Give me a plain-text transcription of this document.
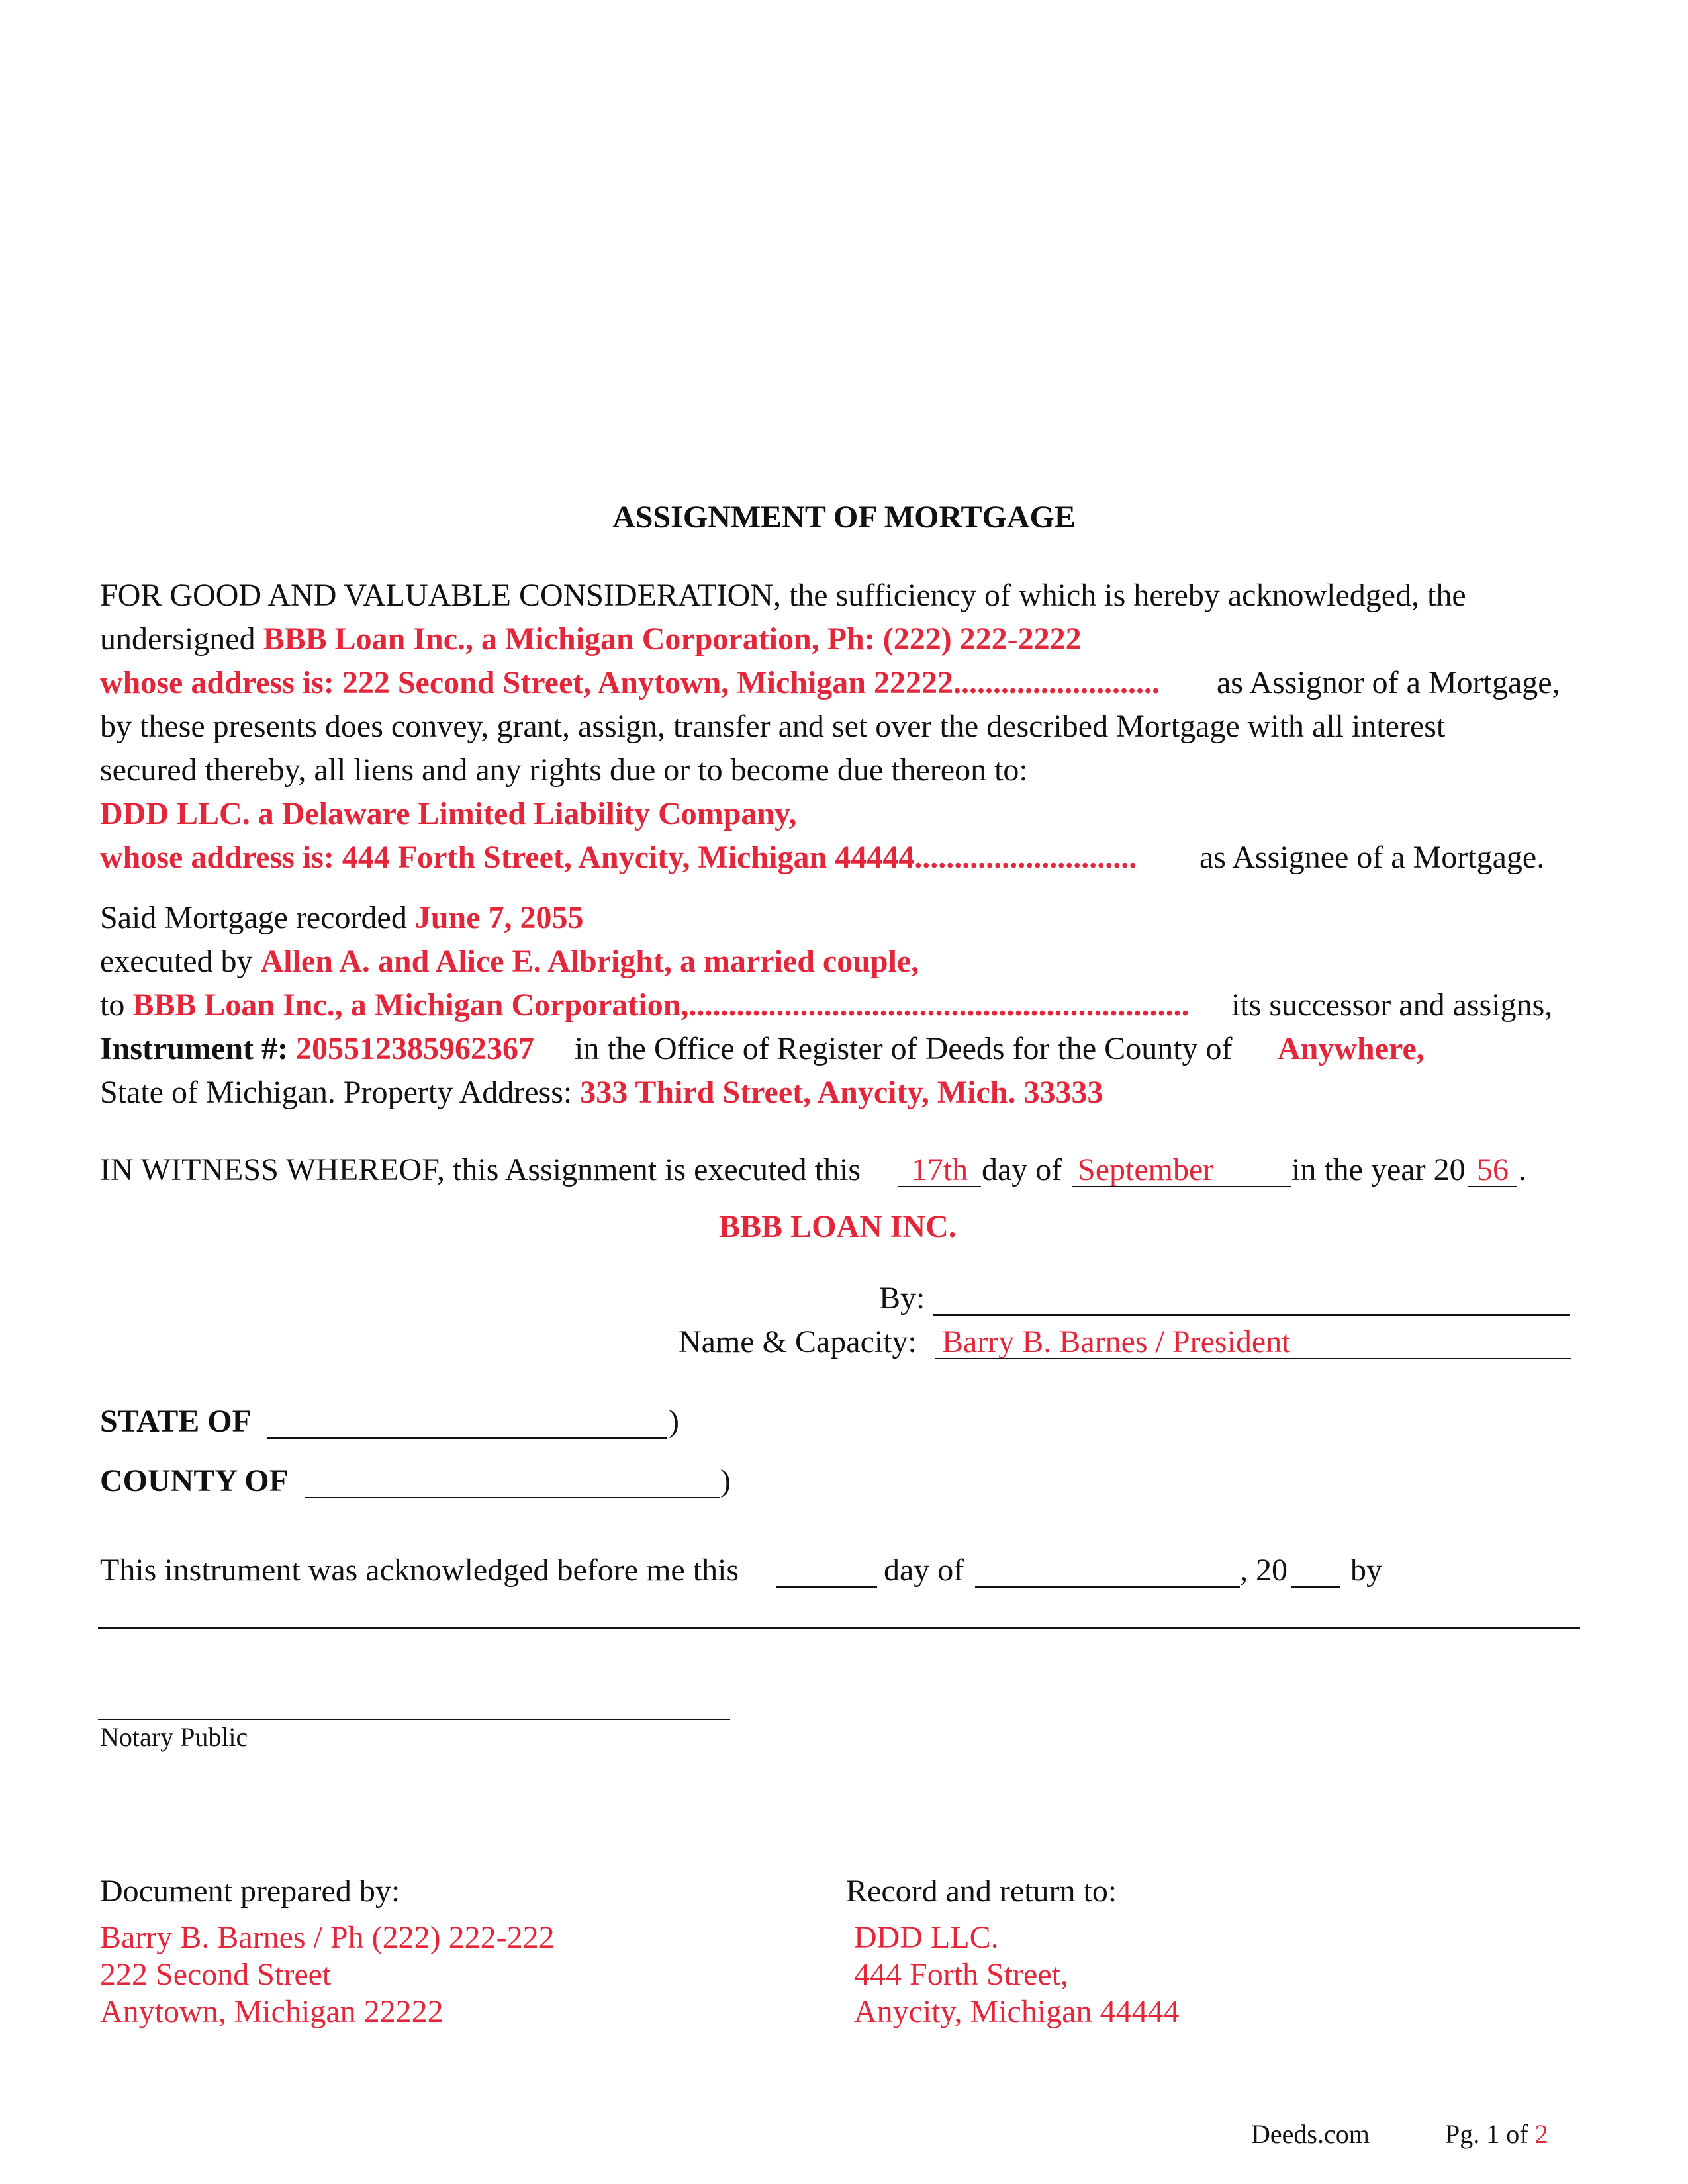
ASSIGNMENT OF MORTGAGE
FOR GOOD AND VALUABLE CONSIDERATION, the sufficiency of which is hereby acknowledged, the
undersigned BBB Loan Inc., a Michigan Corporation, Ph: (222) 222-2222
whose address is: 222 Second Street, Anytown, Michigan 22222.......................... as Assignor of a Mortgage,
by these presents does convey, grant, assign, transfer and set over the described Mortgage with all interest
secured thereby, all liens and any rights due or to become due thereon to:
DDD LLC. a Delaware Limited Liability Company,
whose address is: 444 Forth Street, Anycity, Michigan 44444............................ as Assignee of a Mortgage.
Said Mortgage recorded June 7, 2055
executed by Allen A. and Alice E. Albright, a married couple,
to BBB Loan Inc., a Michigan Corporation,............................................................... its successor and assigns,
Instrument #: 205512385962367 in the Office of Register of Deeds for the County of Anywhere,
State of Michigan. Property Address: 333 Third Street, Anycity, Mich. 33333
IN WITNESS WHEREOF, this Assignment is executed this	17th day of September	in the year 20 56 .
BBB LOAN INC.
By:
Name & Capacity: Barry B. Barnes / President
STATE OF	)
COUNTY OF	)
This instrument was acknowledged before me this	day of	, 20 by
Notary Public
Document prepared by:
Barry B. Barnes / Ph (222) 222-222
222 Second Street
Anytown, Michigan 22222
Record and return to:
DDD LLC.
444 Forth Street,
Anycity, Michigan 44444
Deeds.com	Pg. 1 of 2
